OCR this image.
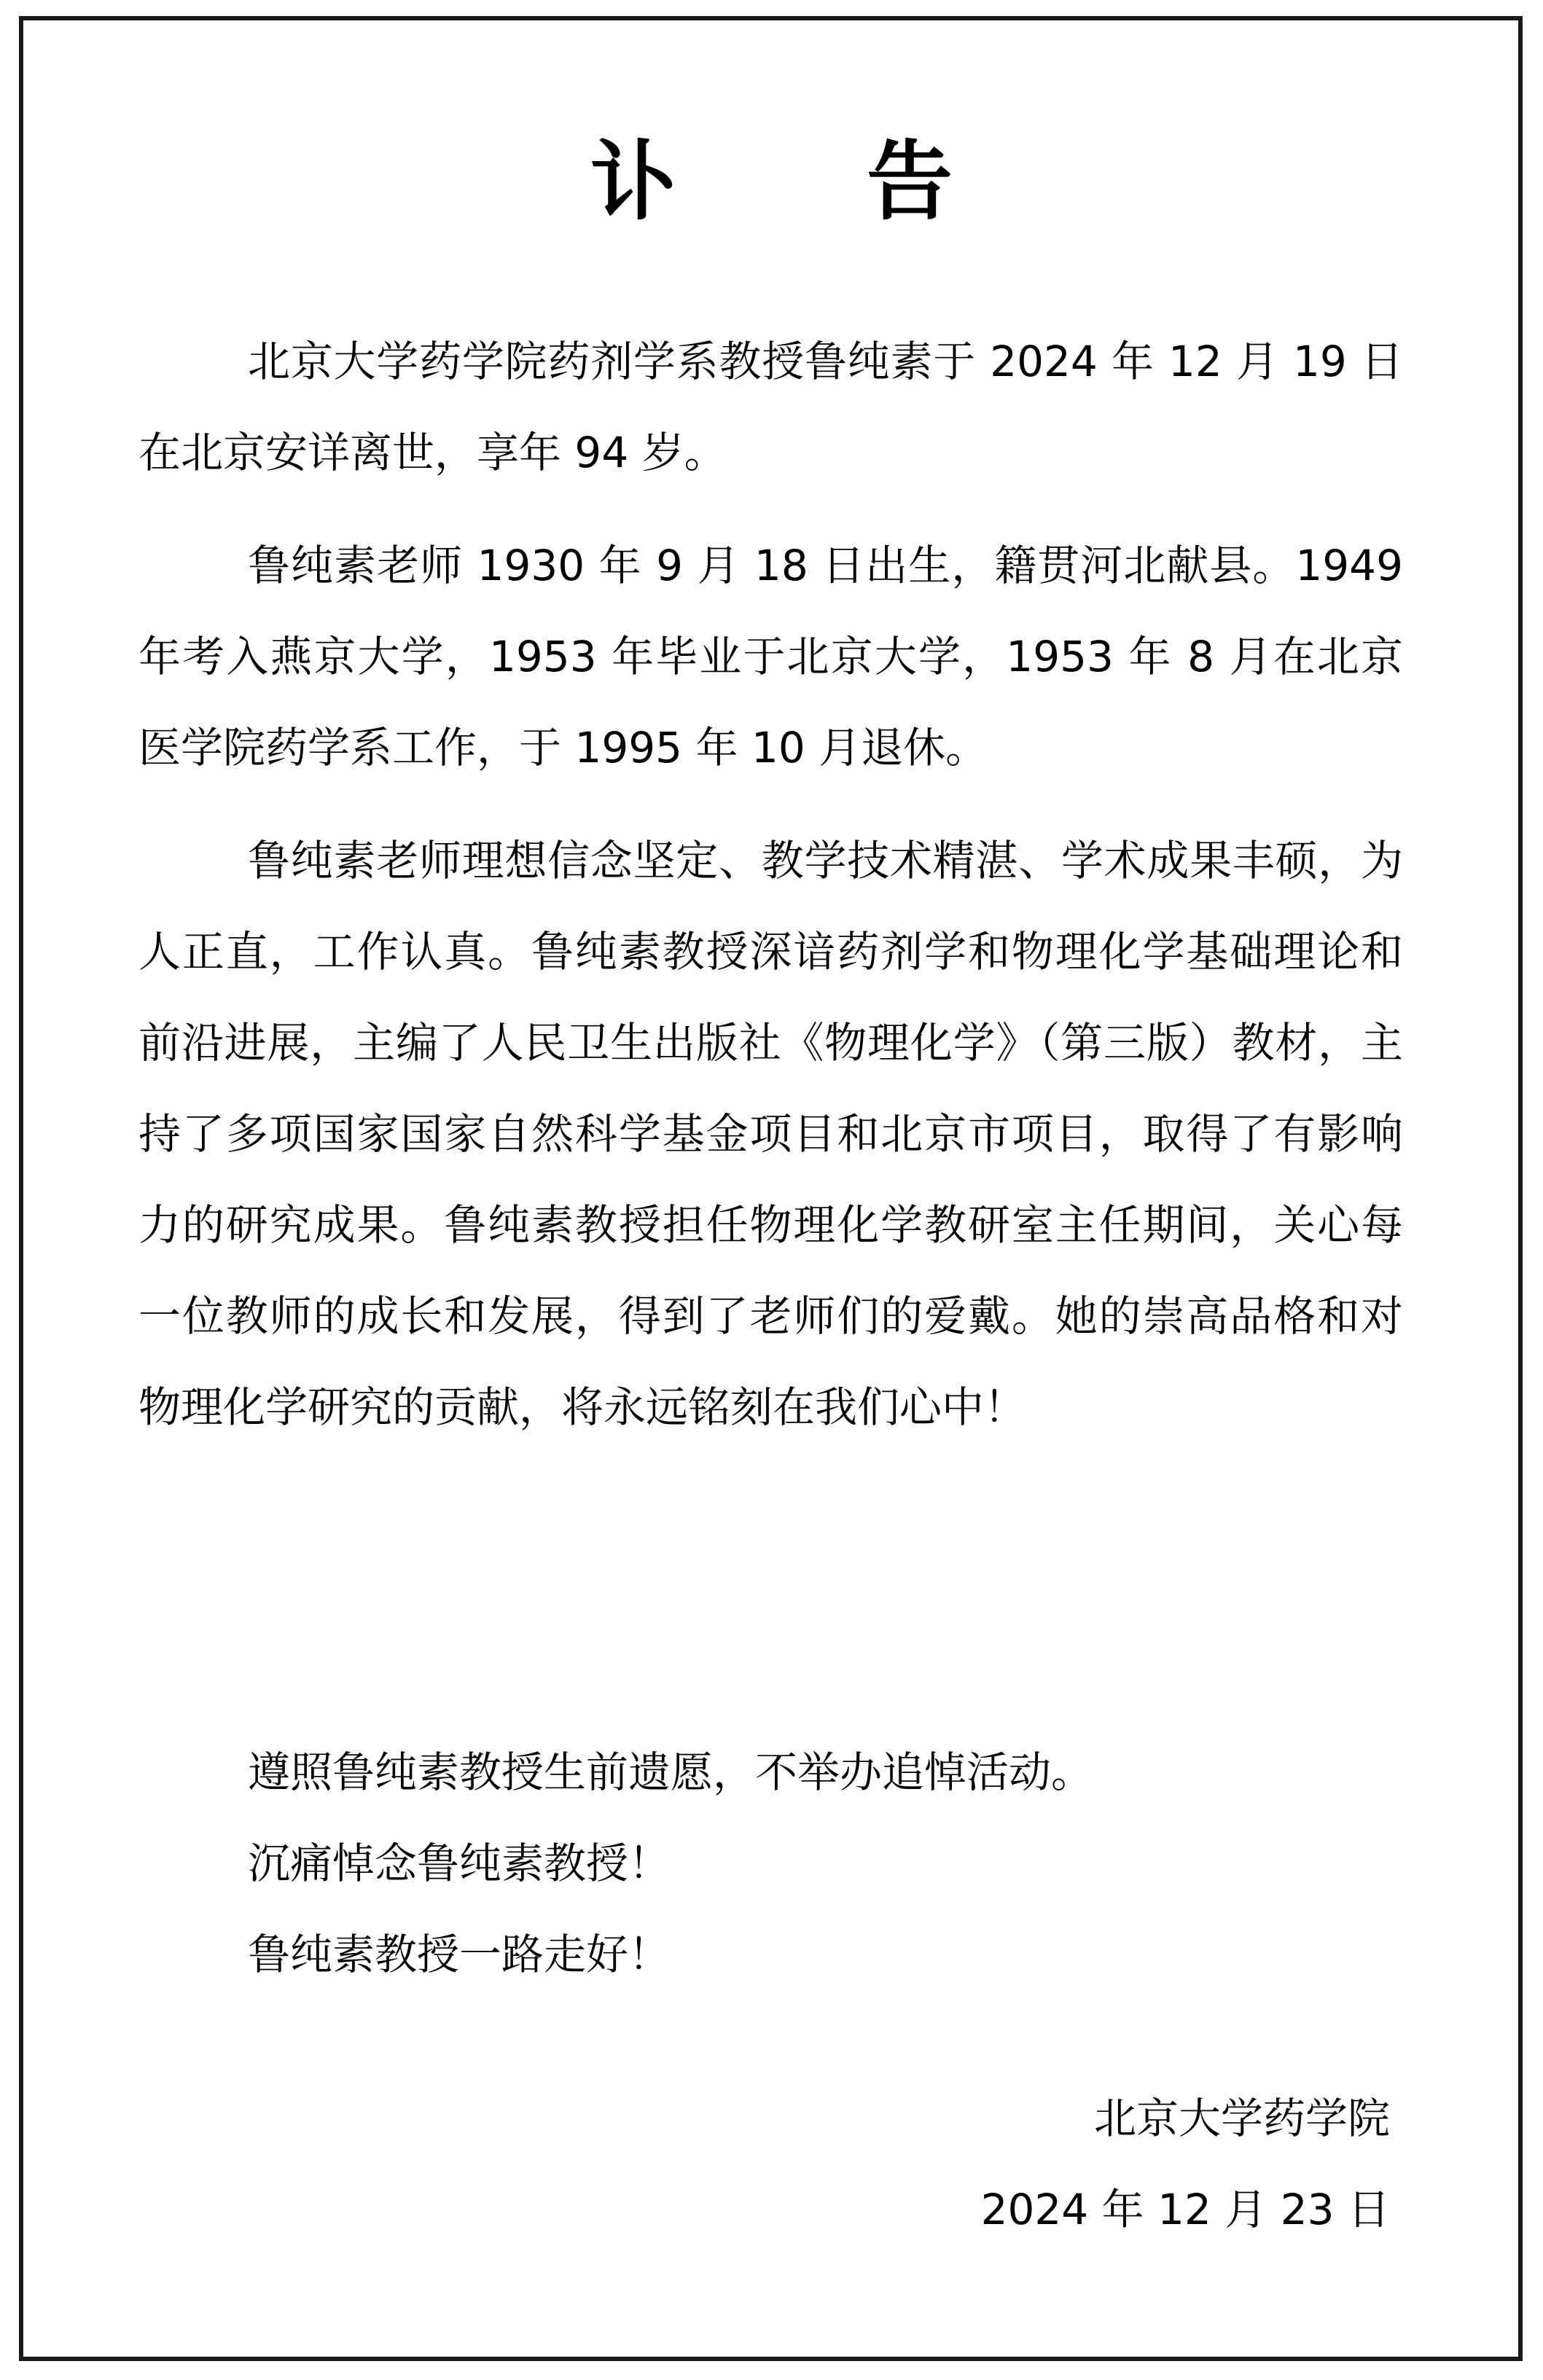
讣 告

北京大学药学院药剂学系教授鲁纯素于 2024 年 12 月 19 日在北京安详离世，享年 94 岁。

鲁纯素老师 1930 年 9 月 18 日出生，籍贯河北献县。1949 年考入燕京大学，1953 年毕业于北京大学，1953 年 8 月在北京医学院药学系工作，于 1995 年 10 月退休。

鲁纯素老师理想信念坚定、教学技术精湛、学术成果丰硕，为人正直，工作认真。鲁纯素教授深谙药剂学和物理化学基础理论和前沿进展，主编了人民卫生出版社《物理化学》（第三版）教材，主持了多项国家国家自然科学基金项目和北京市项目，取得了有影响力的研究成果。鲁纯素教授担任物理化学教研室主任期间，关心每一位教师的成长和发展，得到了老师们的爱戴。她的崇高品格和对物理化学研究的贡献，将永远铭刻在我们心中！

遵照鲁纯素教授生前遗愿，不举办追悼活动。
沉痛悼念鲁纯素教授！
鲁纯素教授一路走好！
北京大学药学院
2024 年 12 月 23 日
